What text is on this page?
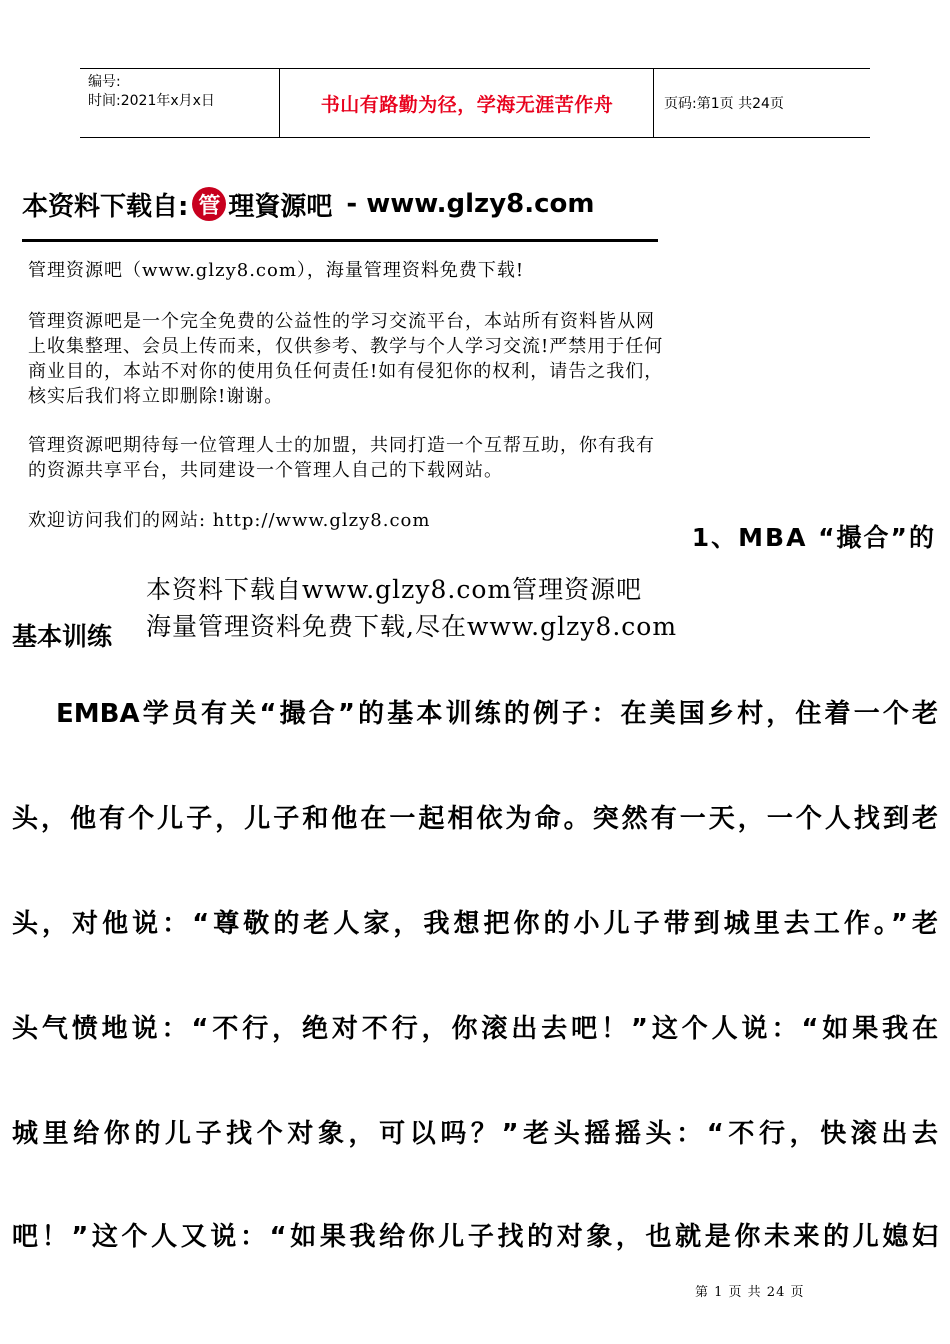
编号:
时间:2021年x月x日	书山有路勤为径，学海无涯苦作舟	页码:第1页 共24页
本资料下载自: 管 理資源吧 - www.glzy8.com
管理资源吧（www.glzy8.com），海量管理资料免费下载!
管理资源吧是一个完全免费的公益性的学习交流平台，本站所有资料皆从网上收集整理、会员上传而来，仅供参考、教学与个人学习交流!严禁用于任何商业目的，本站不对你的使用负任何责任!如有侵犯你的权利，请告之我们，核实后我们将立即删除!谢谢。
管理资源吧期待每一位管理人士的加盟，共同打造一个互帮互助，你有我有的资源共享平台，共同建设一个管理人自己的下载网站。
欢迎访问我们的网站: http://www.glzy8.com
1、MBA “撮合”的
本资料下载自www.glzy8.com管理资源吧
海量管理资料免费下载,尽在www.glzy8.com
基本训练
EMBA学员有关“撮合”的基本训练的例子：在美国乡村，住着一个老
头，他有个儿子，儿子和他在一起相依为命。突然有一天，一个人找到老
头，对他说：“尊敬的老人家，我想把你的小儿子带到城里去工作。”老
头气愤地说：“不行，绝对不行，你滚出去吧！”这个人说：“如果我在
城里给你的儿子找个对象，可以吗？”老头摇摇头：“不行，快滚出去
吧！”这个人又说：“如果我给你儿子找的对象，也就是你未来的儿媳妇
第 1 页 共 24 页
